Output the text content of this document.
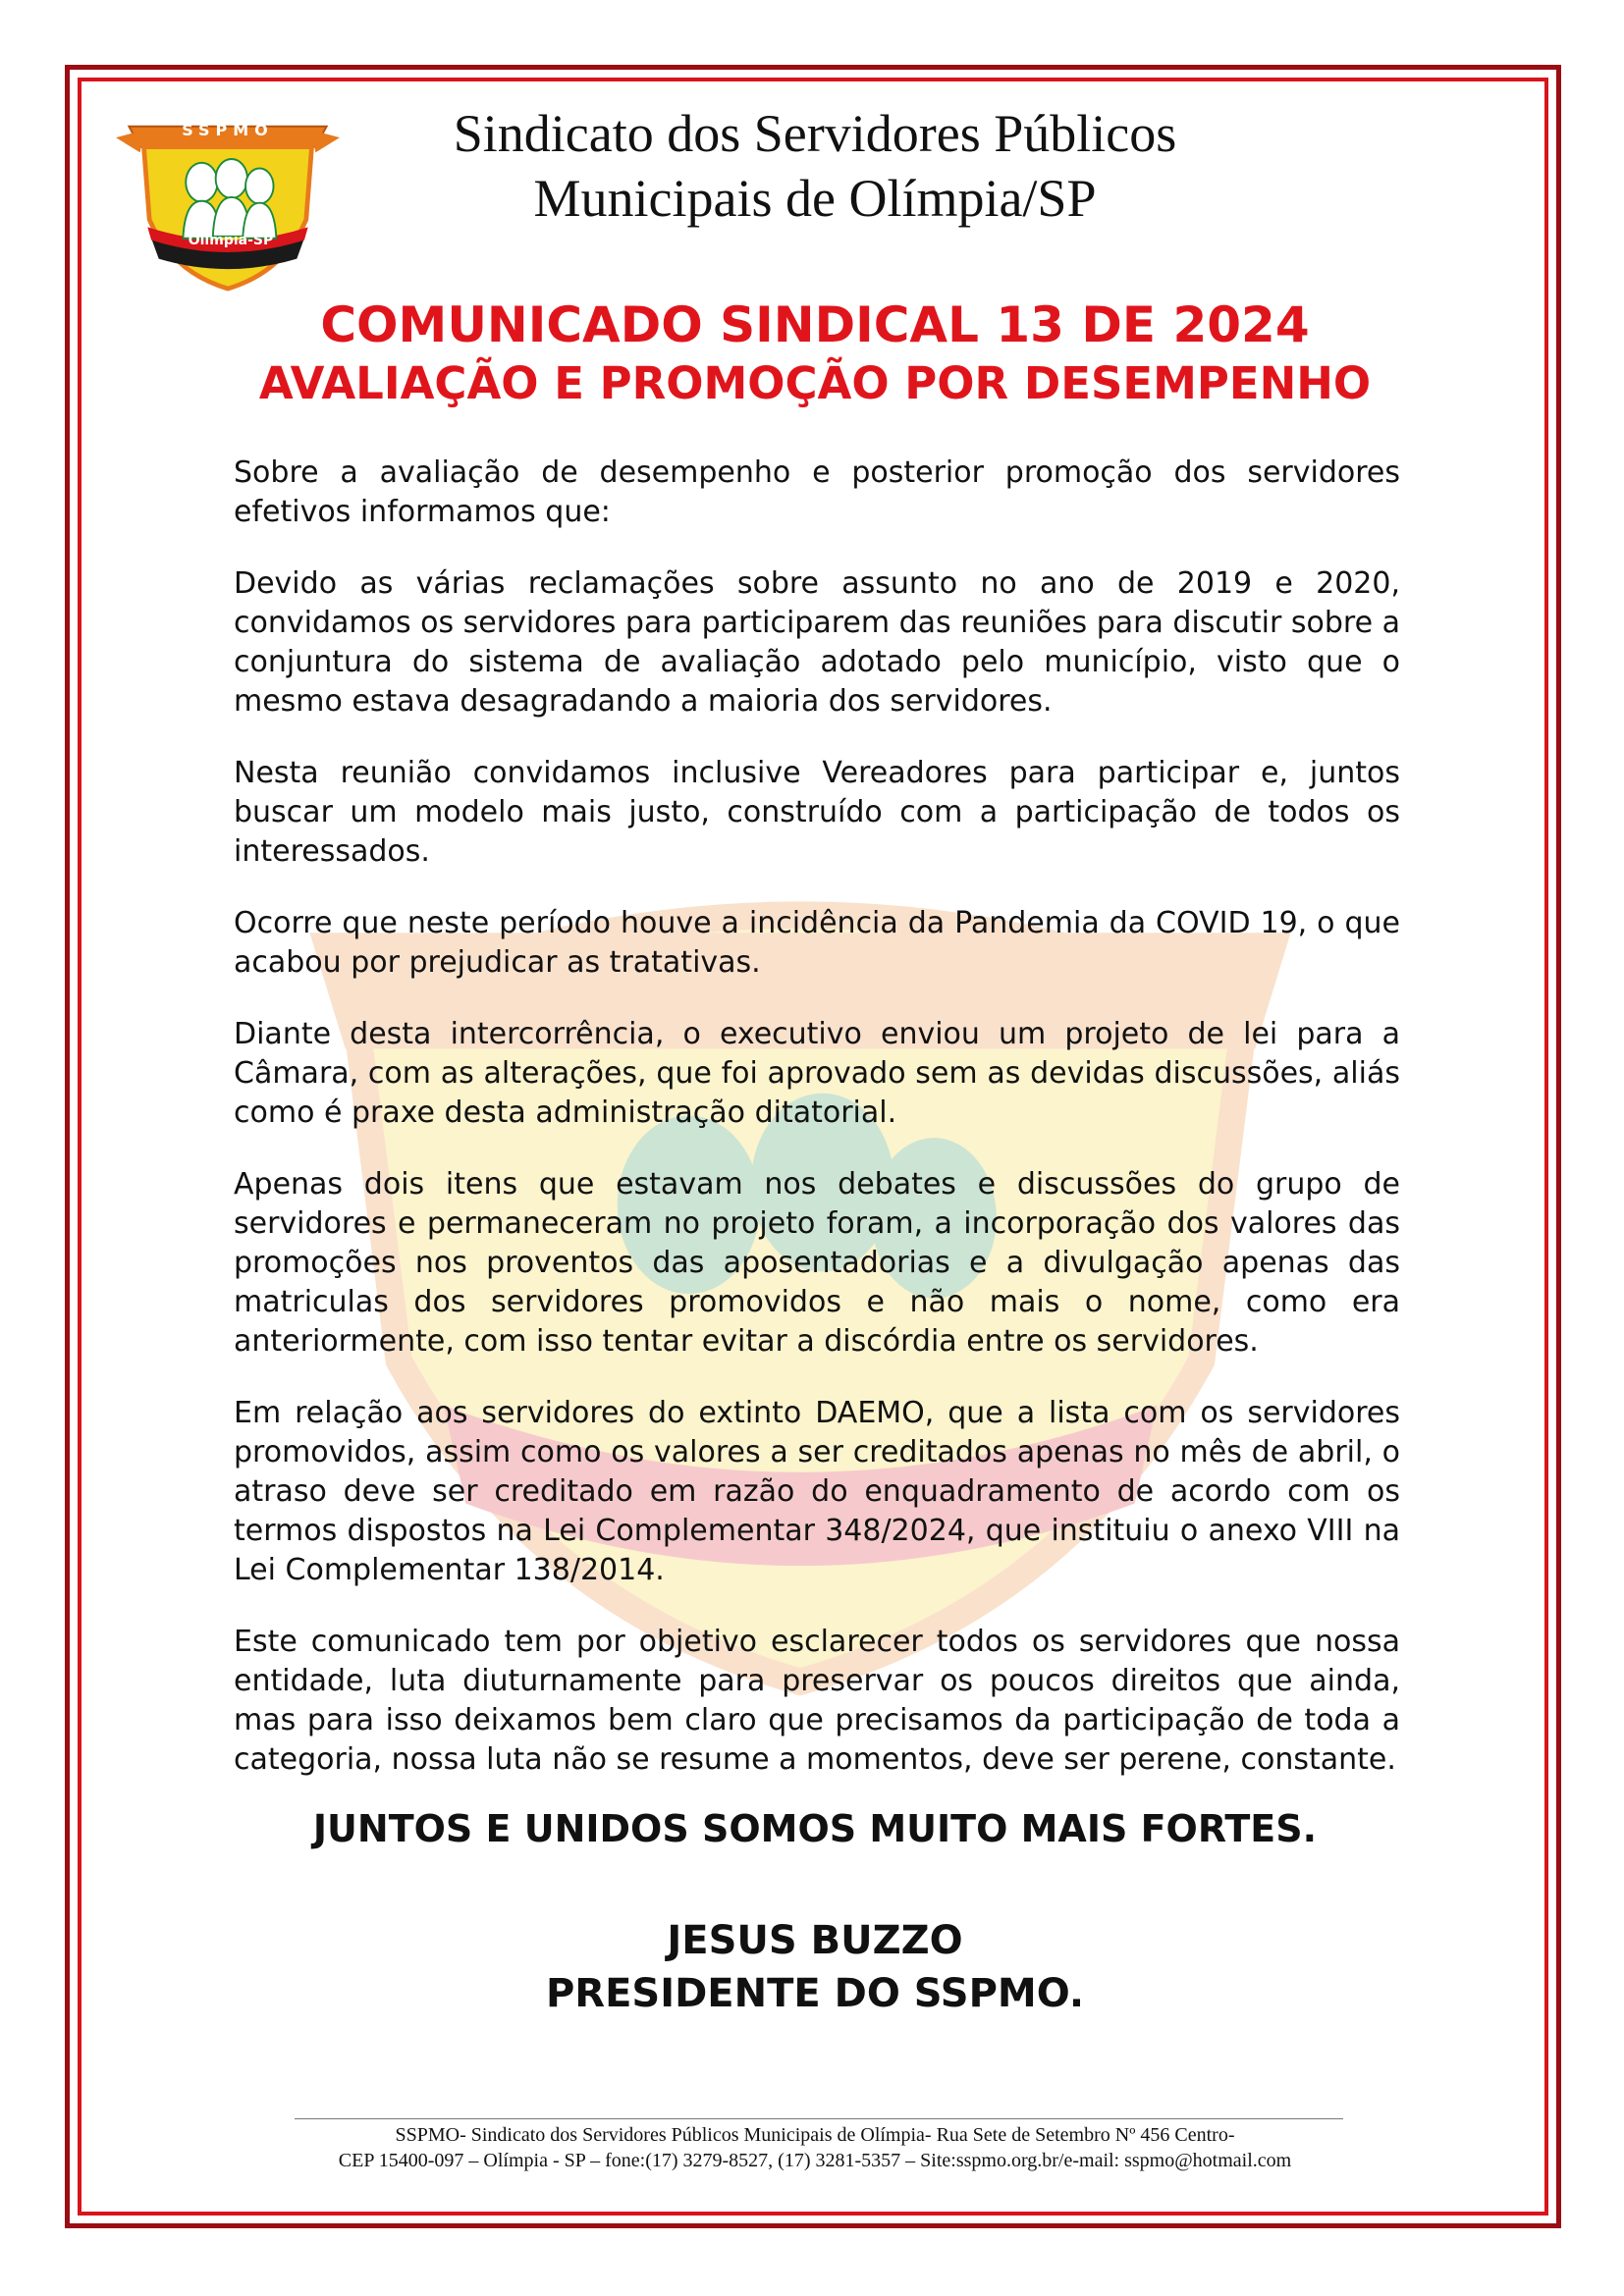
SSPMO
Olimpia-SP
Sindicato dos Servidores Públicos
Municipais de Olímpia/SP
COMUNICADO SINDICAL 13 DE 2024
AVALIAÇÃO E PROMOÇÃO POR DESEMPENHO

Sobre a avaliação de desempenho e posterior promoção dos servidores efetivos informamos que:

Devido as várias reclamações sobre assunto no ano de 2019 e 2020, convidamos os servidores para participarem das reuniões para discutir sobre a conjuntura do sistema de avaliação adotado pelo município, visto que o mesmo estava desagradando a maioria dos servidores.

Nesta reunião convidamos inclusive Vereadores para participar e, juntos buscar um modelo mais justo, construído com a participação de todos os interessados.

Ocorre que neste período houve a incidência da Pandemia da COVID 19, o que acabou por prejudicar as tratativas.

Diante desta intercorrência, o executivo enviou um projeto de lei para a Câmara, com as alterações, que foi aprovado sem as devidas discussões, aliás como é praxe desta administração ditatorial.

Apenas dois itens que estavam nos debates e discussões do grupo de servidores e permaneceram no projeto foram, a incorporação dos valores das promoções nos proventos das aposentadorias e a divulgação apenas das matriculas dos servidores promovidos e não mais o nome, como era anteriormente, com isso tentar evitar a discórdia entre os servidores.

Em relação aos servidores do extinto DAEMO, que a lista com os servidores promovidos, assim como os valores a ser creditados apenas no mês de abril, o atraso deve ser creditado em razão do enquadramento de acordo com os termos dispostos na Lei Complementar 348/2024, que instituiu o anexo VIII na Lei Complementar 138/2014.

Este comunicado tem por objetivo esclarecer todos os servidores que nossa entidade, luta diuturnamente para preservar os poucos direitos que ainda, mas para isso deixamos bem claro que precisamos da participação de toda a categoria, nossa luta não se resume a momentos, deve ser perene, constante.

JUNTOS E UNIDOS SOMOS MUITO MAIS FORTES.
JESUS BUZZO
PRESIDENTE DO SSPMO.
SSPMO- Sindicato dos Servidores Públicos Municipais de Olímpia- Rua Sete de Setembro Nº 456 Centro-
CEP 15400-097 – Olímpia - SP – fone:(17) 3279-8527, (17) 3281-5357 – Site:sspmo.org.br/e-mail: sspmo@hotmail.com
